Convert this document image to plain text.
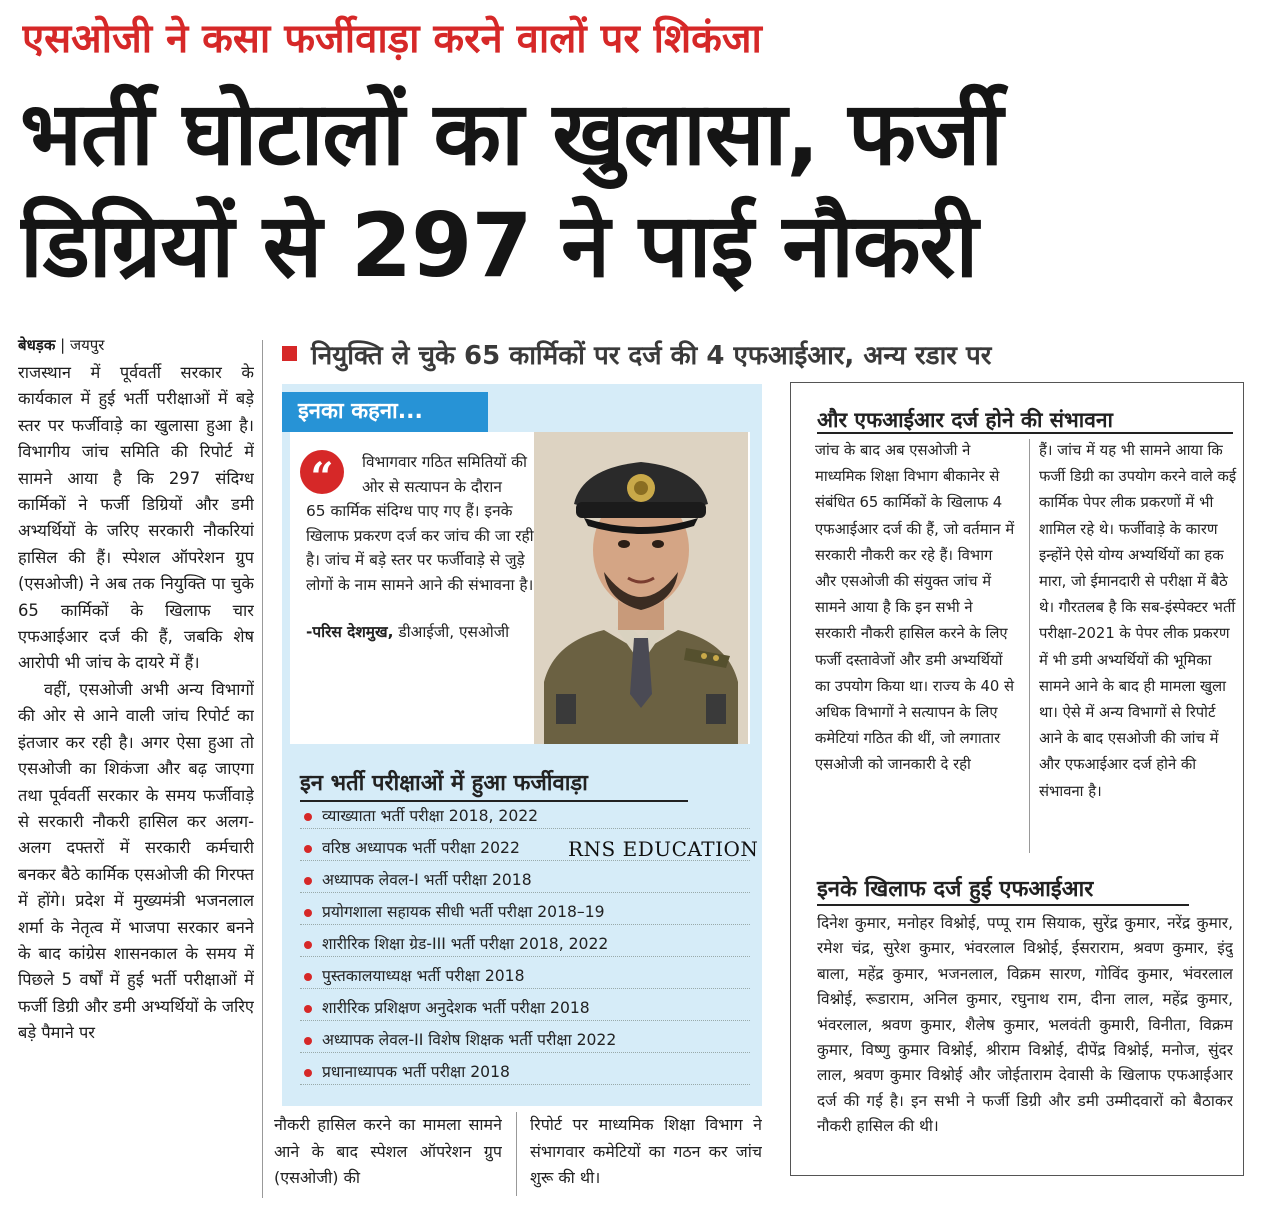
एसओजी ने कसा फर्जीवाड़ा करने वालों पर शिकंजा
भर्ती घोटालों का खुलासा, फर्जी
डिग्रियों से 297 ने पाई नौकरी
बेधड़क | जयपुर

राजस्थान में पूर्ववर्ती सरकार के कार्यकाल में हुई भर्ती परीक्षाओं में बड़े स्तर पर फर्जीवाड़े का खुलासा हुआ है। विभागीय जांच समिति की रिपोर्ट में सामने आया है कि 297 संदिग्ध कार्मिकों ने फर्जी डिग्रियों और डमी अभ्यर्थियों के जरिए सरकारी नौकरियां हासिल की हैं। स्पेशल ऑपरेशन ग्रुप (एसओजी) ने अब तक नियुक्ति पा चुके 65 कार्मिकों के खिलाफ चार एफआईआर दर्ज की हैं, जबकि शेष आरोपी भी जांच के दायरे में हैं।

वहीं, एसओजी अभी अन्य विभागों की ओर से आने वाली जांच रिपोर्ट का इंतजार कर रही है। अगर ऐसा हुआ तो एसओजी का शिकंजा और बढ़ जाएगा तथा पूर्ववर्ती सरकार के समय फर्जीवाड़े से सरकारी नौकरी हासिल कर अलग-अलग दफ्तरों में सरकारी कर्मचारी बनकर बैठे कार्मिक एसओजी की गिरफ्त में होंगे। प्रदेश में मुख्यमंत्री भजनलाल शर्मा के नेतृत्व में भाजपा सरकार बनने के बाद कांग्रेस शासनकाल के समय में पिछले 5 वर्षों में हुई भर्ती परीक्षाओं में फर्जी डिग्री और डमी अभ्यर्थियों के जरिए बड़े पैमाने पर

नियुक्ति ले चुके 65 कार्मिकों पर दर्ज की 4 एफआईआर, अन्य रडार पर
इनका कहना...
विभागवार गठित समितियों की ओर से सत्यापन के दौरान
65 कार्मिक संदिग्ध पाए गए हैं। इनके खिलाफ प्रकरण दर्ज कर जांच की जा रही है। जांच में बड़े स्तर पर फर्जीवाड़े से जुड़े लोगों के नाम सामने आने की संभावना है।
-परिस देशमुख, डीआईजी, एसओजी
“
इन भर्ती परीक्षाओं में हुआ फर्जीवाड़ा
व्याख्याता भर्ती परीक्षा 2018, 2022
वरिष्ठ अध्यापक भर्ती परीक्षा 2022
अध्यापक लेवल-I भर्ती परीक्षा 2018
प्रयोगशाला सहायक सीधी भर्ती परीक्षा 2018–19
शारीरिक शिक्षा ग्रेड-III भर्ती परीक्षा 2018, 2022
पुस्तकालयाध्यक्ष भर्ती परीक्षा 2018
शारीरिक प्रशिक्षण अनुदेशक भर्ती परीक्षा 2018
अध्यापक लेवल-II विशेष शिक्षक भर्ती परीक्षा 2022
प्रधानाध्यापक भर्ती परीक्षा 2018
RNS EDUCATION
नौकरी हासिल करने का मामला सामने आने के बाद स्पेशल ऑपरेशन ग्रुप (एसओजी) की
रिपोर्ट पर माध्यमिक शिक्षा विभाग ने संभागवार कमेटियों का गठन कर जांच शुरू की थी।
और एफआईआर दर्ज होने की संभावना
जांच के बाद अब एसओजी ने माध्यमिक शिक्षा विभाग बीकानेर से संबंधित 65 कार्मिकों के खिलाफ 4 एफआईआर दर्ज की हैं, जो वर्तमान में सरकारी नौकरी कर रहे हैं। विभाग और एसओजी की संयुक्त जांच में सामने आया है कि इन सभी ने सरकारी नौकरी हासिल करने के लिए फर्जी दस्तावेजों और डमी अभ्यर्थियों का उपयोग किया था। राज्य के 40 से अधिक विभागों ने सत्यापन के लिए कमेटियां गठित की थीं, जो लगातार एसओजी को जानकारी दे रही
हैं। जांच में यह भी सामने आया कि फर्जी डिग्री का उपयोग करने वाले कई कार्मिक पेपर लीक प्रकरणों में भी शामिल रहे थे। फर्जीवाड़े के कारण इन्होंने ऐसे योग्य अभ्यर्थियों का हक मारा, जो ईमानदारी से परीक्षा में बैठे थे। गौरतलब है कि सब-इंस्पेक्टर भर्ती परीक्षा-2021 के पेपर लीक प्रकरण में भी डमी अभ्यर्थियों की भूमिका सामने आने के बाद ही मामला खुला था। ऐसे में अन्य विभागों से रिपोर्ट आने के बाद एसओजी की जांच में और एफआईआर दर्ज होने की संभावना है।
इनके खिलाफ दर्ज हुई एफआईआर
दिनेश कुमार, मनोहर विश्नोई, पप्पू राम सियाक, सुरेंद्र कुमार, नरेंद्र कुमार, रमेश चंद्र, सुरेश कुमार, भंवरलाल विश्नोई, ईसराराम, श्रवण कुमार, इंदु बाला, महेंद्र कुमार, भजनलाल, विक्रम सारण, गोविंद कुमार, भंवरलाल विश्नोई, रूडाराम, अनिल कुमार, रघुनाथ राम, दीना लाल, महेंद्र कुमार, भंवरलाल, श्रवण कुमार, शैलेष कुमार, भलवंती कुमारी, विनीता, विक्रम कुमार, विष्णु कुमार विश्नोई, श्रीराम विश्नोई, दीपेंद्र विश्नोई, मनोज, सुंदर लाल, श्रवण कुमार विश्नोई और जोईताराम देवासी के खिलाफ एफआईआर दर्ज की गई है। इन सभी ने फर्जी डिग्री और डमी उम्मीदवारों को बैठाकर नौकरी हासिल की थी।
